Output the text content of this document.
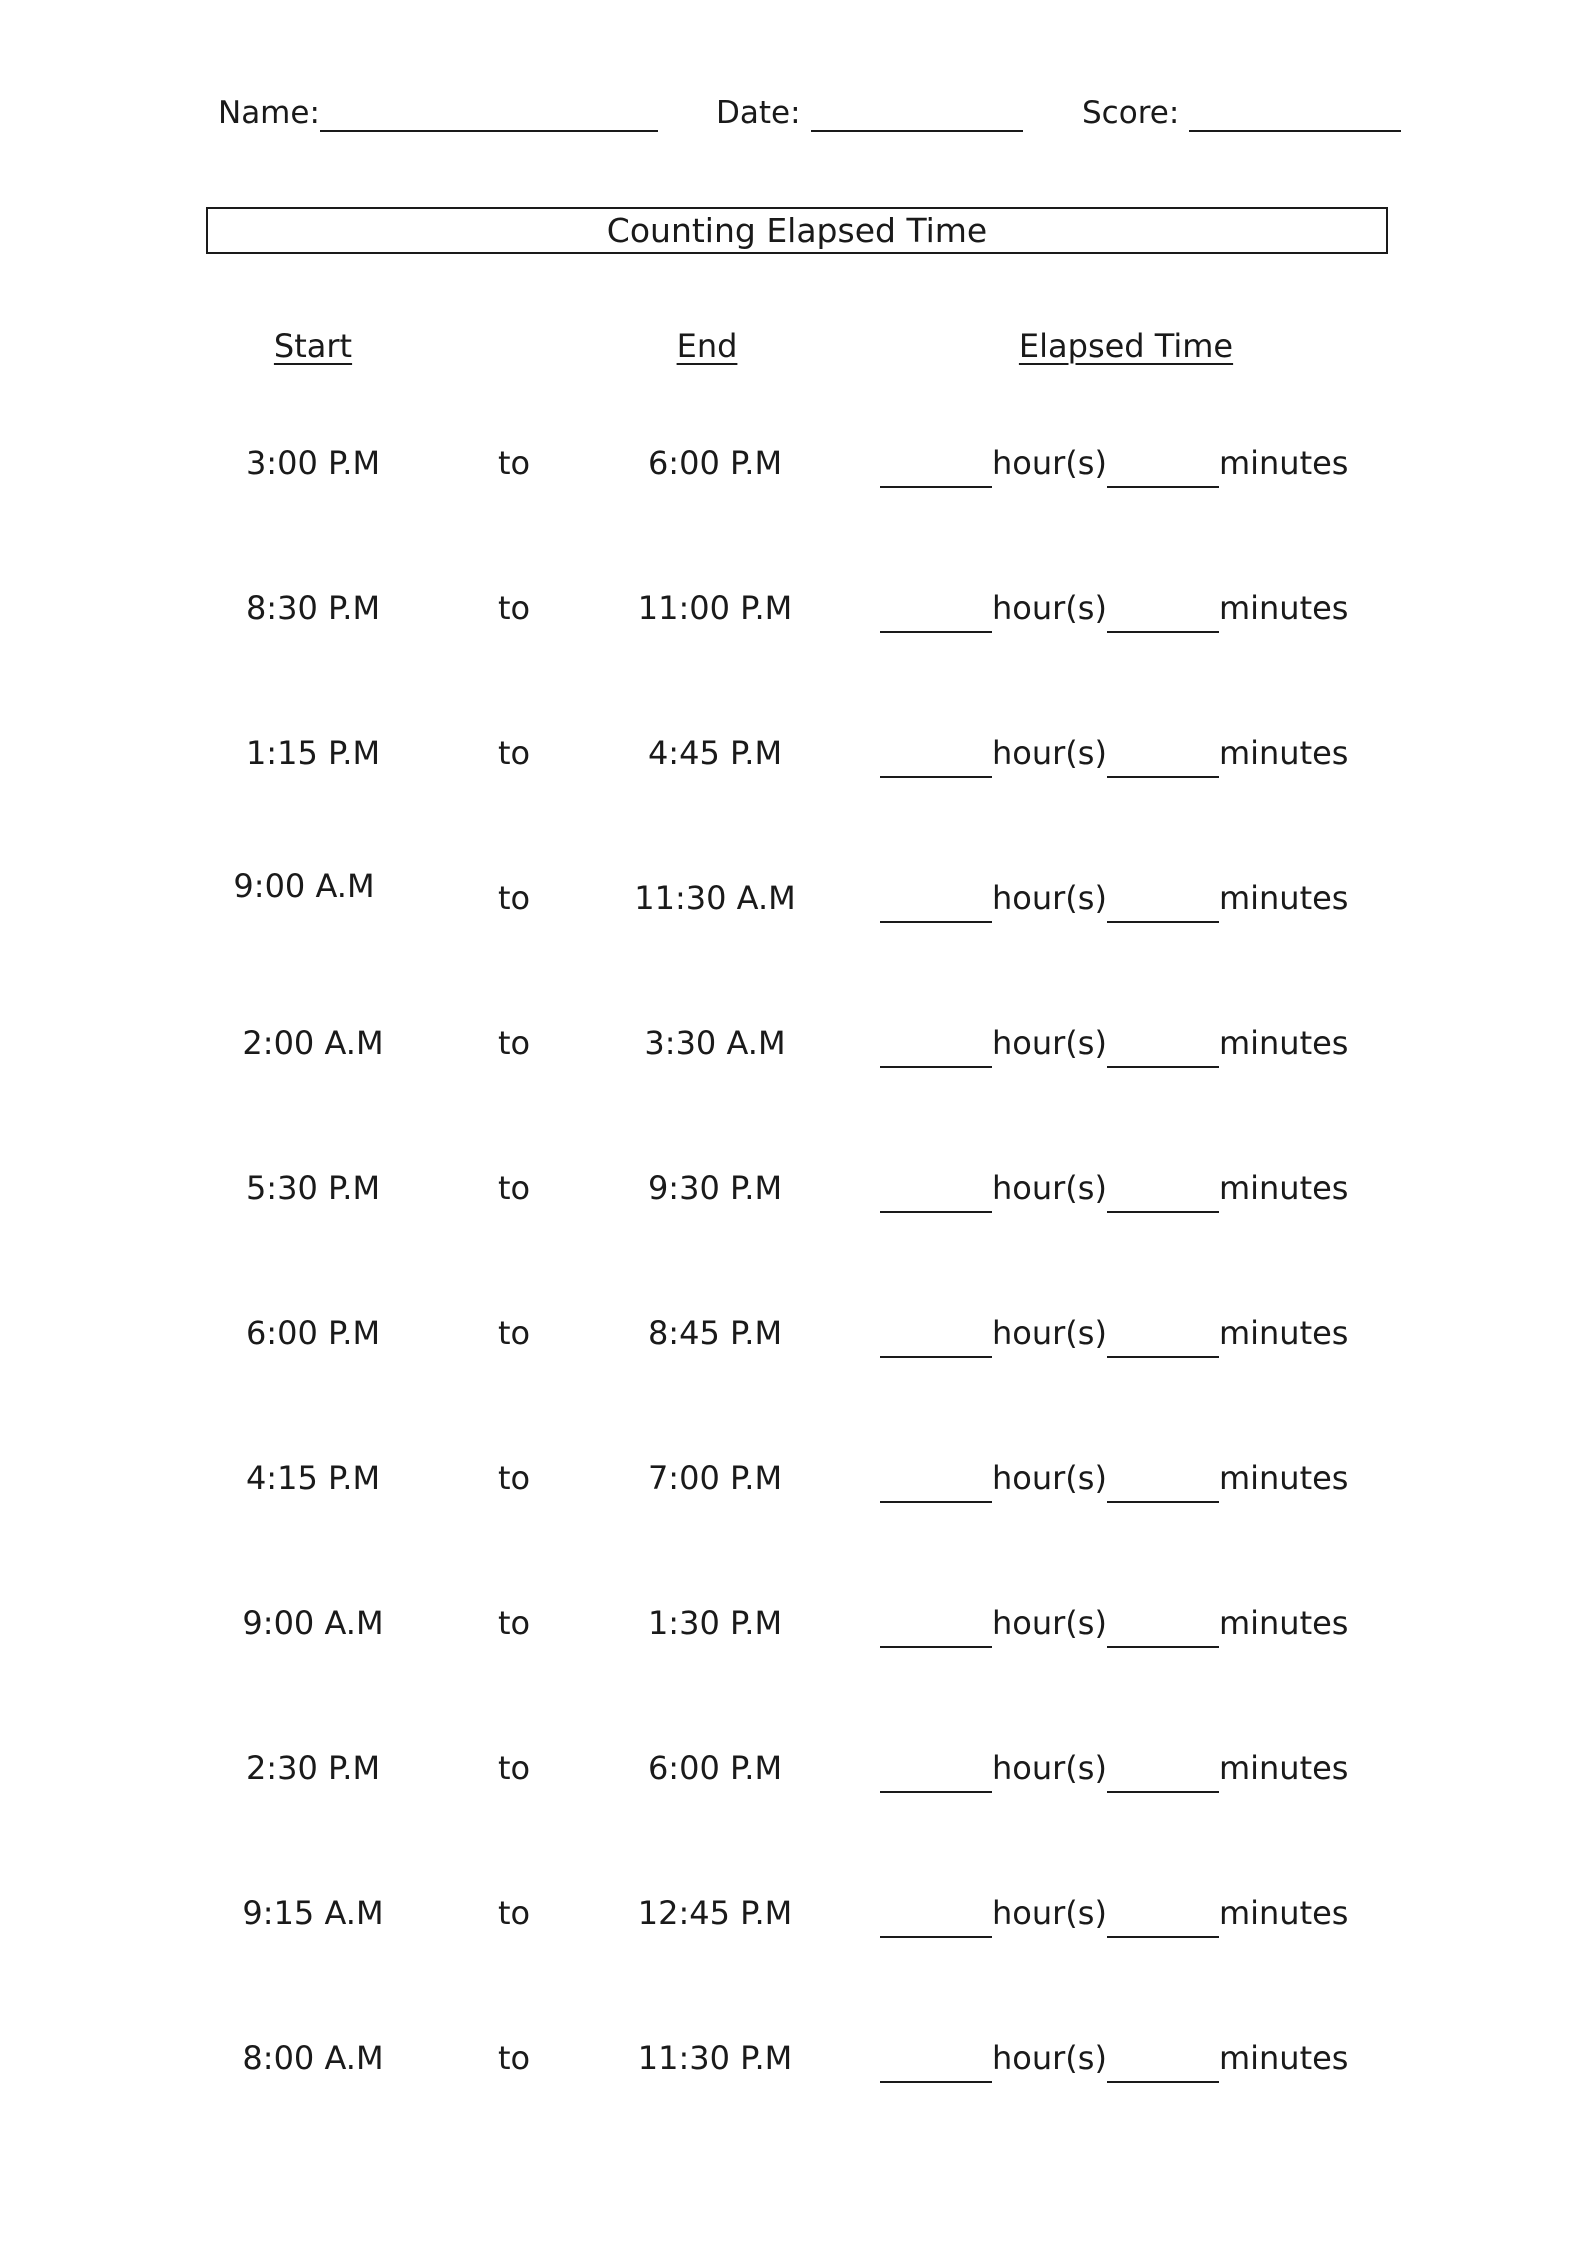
Name:	Date:	Score:
Counting Elapsed Time
Start	End	Elapsed Time
3:00 P.M	to	6:00 P.M	hour(s)	minutes
8:30 P.M	to	11:00 P.M	hour(s)	minutes
1:15 P.M	to	4:45 P.M	hour(s)	minutes
9:00 A.M	to	11:30 A.M	hour(s)	minutes
2:00 A.M	to	3:30 A.M	hour(s)	minutes
5:30 P.M	to	9:30 P.M	hour(s)	minutes
6:00 P.M	to	8:45 P.M	hour(s)	minutes
4:15 P.M	to	7:00 P.M	hour(s)	minutes
9:00 A.M	to	1:30 P.M	hour(s)	minutes
2:30 P.M	to	6:00 P.M	hour(s)	minutes
9:15 A.M	to	12:45 P.M	hour(s)	minutes
8:00 A.M	to	11:30 P.M	hour(s)	minutes
